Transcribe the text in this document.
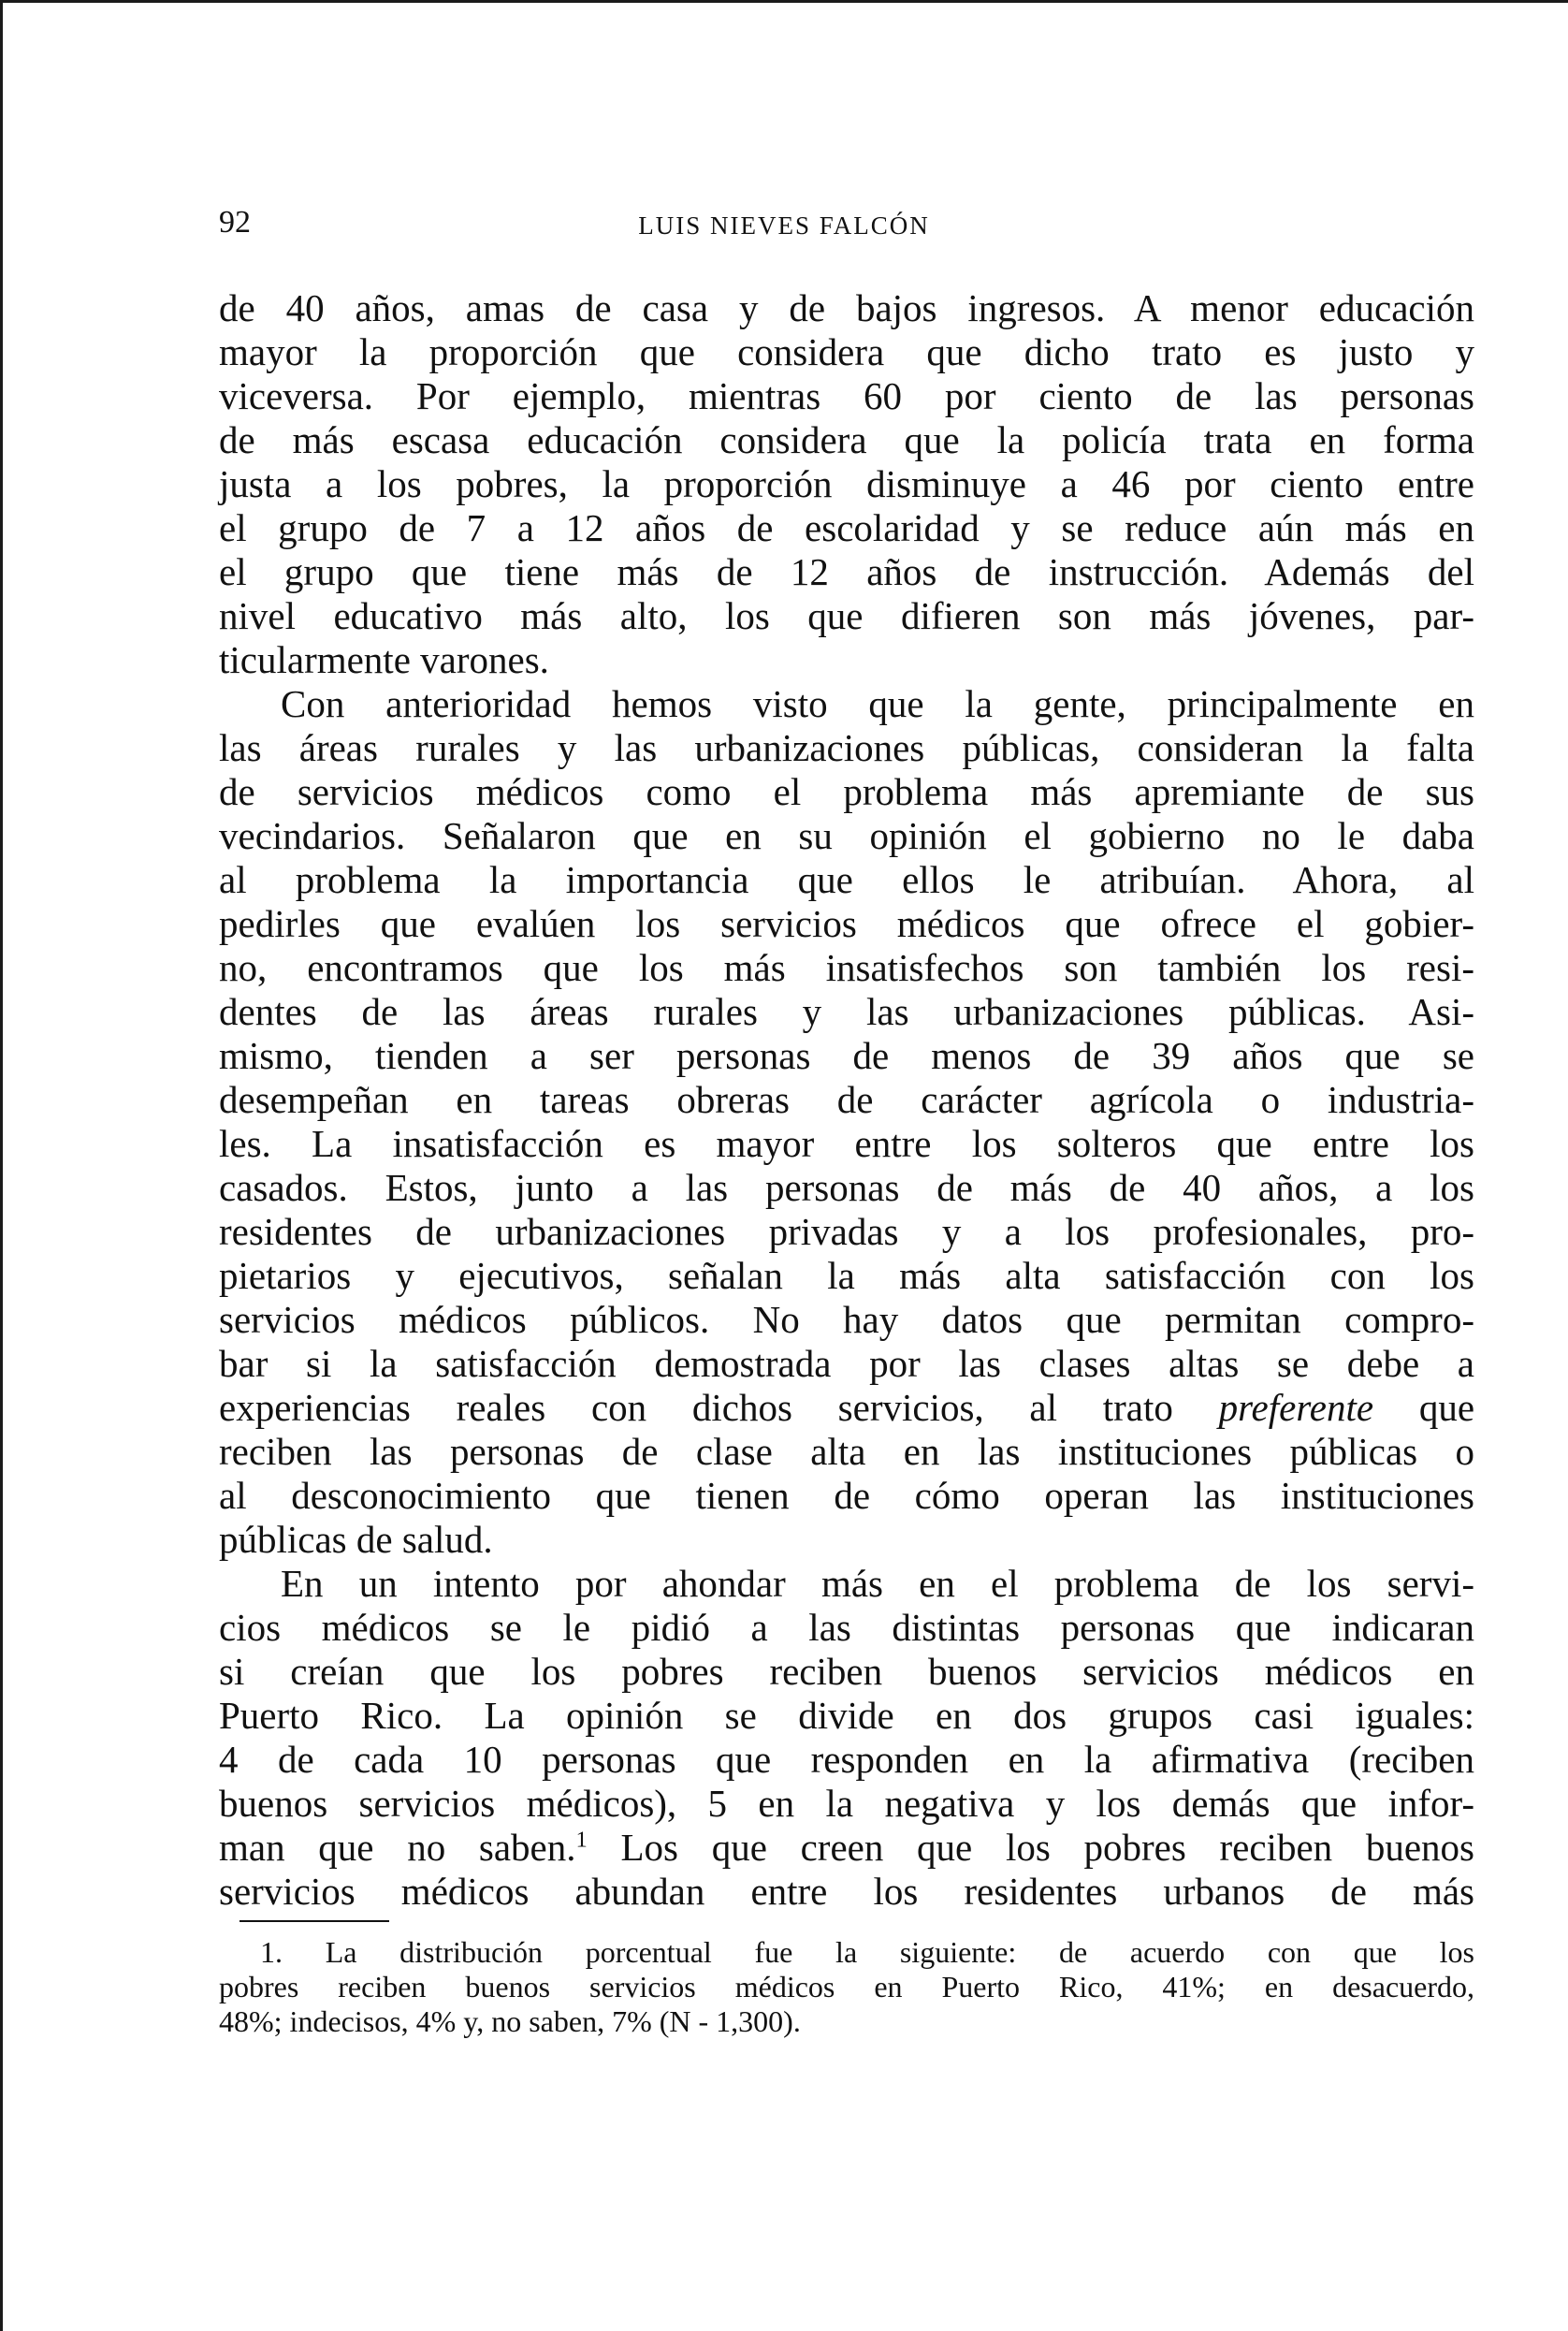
92	LUIS NIEVES FALCÓN
de 40 años, amas de casa y de bajos ingresos. A menor educación
mayor la proporción que considera que dicho trato es justo y
viceversa. Por ejemplo, mientras 60 por ciento de las personas
de más escasa educación considera que la policía trata en forma
justa a los pobres, la proporción disminuye a 46 por ciento entre
el grupo de 7 a 12 años de escolaridad y se reduce aún más en
el grupo que tiene más de 12 años de instrucción. Además del
nivel educativo más alto, los que difieren son más jóvenes, par-
ticularmente varones.
Con anterioridad hemos visto que la gente, principalmente en
las áreas rurales y las urbanizaciones públicas, consideran la falta
de servicios médicos como el problema más apremiante de sus
vecindarios. Señalaron que en su opinión el gobierno no le daba
al problema la importancia que ellos le atribuían. Ahora, al
pedirles que evalúen los servicios médicos que ofrece el gobier-
no, encontramos que los más insatisfechos son también los resi-
dentes de las áreas rurales y las urbanizaciones públicas. Asi-
mismo, tienden a ser personas de menos de 39 años que se
desempeñan en tareas obreras de carácter agrícola o industria-
les. La insatisfacción es mayor entre los solteros que entre los
casados. Estos, junto a las personas de más de 40 años, a los
residentes de urbanizaciones privadas y a los profesionales, pro-
pietarios y ejecutivos, señalan la más alta satisfacción con los
servicios médicos públicos. No hay datos que permitan compro-
bar si la satisfacción demostrada por las clases altas se debe a
experiencias reales con dichos servicios, al trato preferente que
reciben las personas de clase alta en las instituciones públicas o
al desconocimiento que tienen de cómo operan las instituciones
públicas de salud.
En un intento por ahondar más en el problema de los servi-
cios médicos se le pidió a las distintas personas que indicaran
si creían que los pobres reciben buenos servicios médicos en
Puerto Rico. La opinión se divide en dos grupos casi iguales:
4 de cada 10 personas que responden en la afirmativa (reciben
buenos servicios médicos), 5 en la negativa y los demás que infor-
man que no saben.$^1$ Los que creen que los pobres reciben buenos
servicios médicos abundan entre los residentes urbanos de más
1. La distribución porcentual fue la siguiente: de acuerdo con que los
pobres reciben buenos servicios médicos en Puerto Rico, 41%; en desacuerdo,
48%; indecisos, 4% y, no saben, 7% (N - 1,300).
